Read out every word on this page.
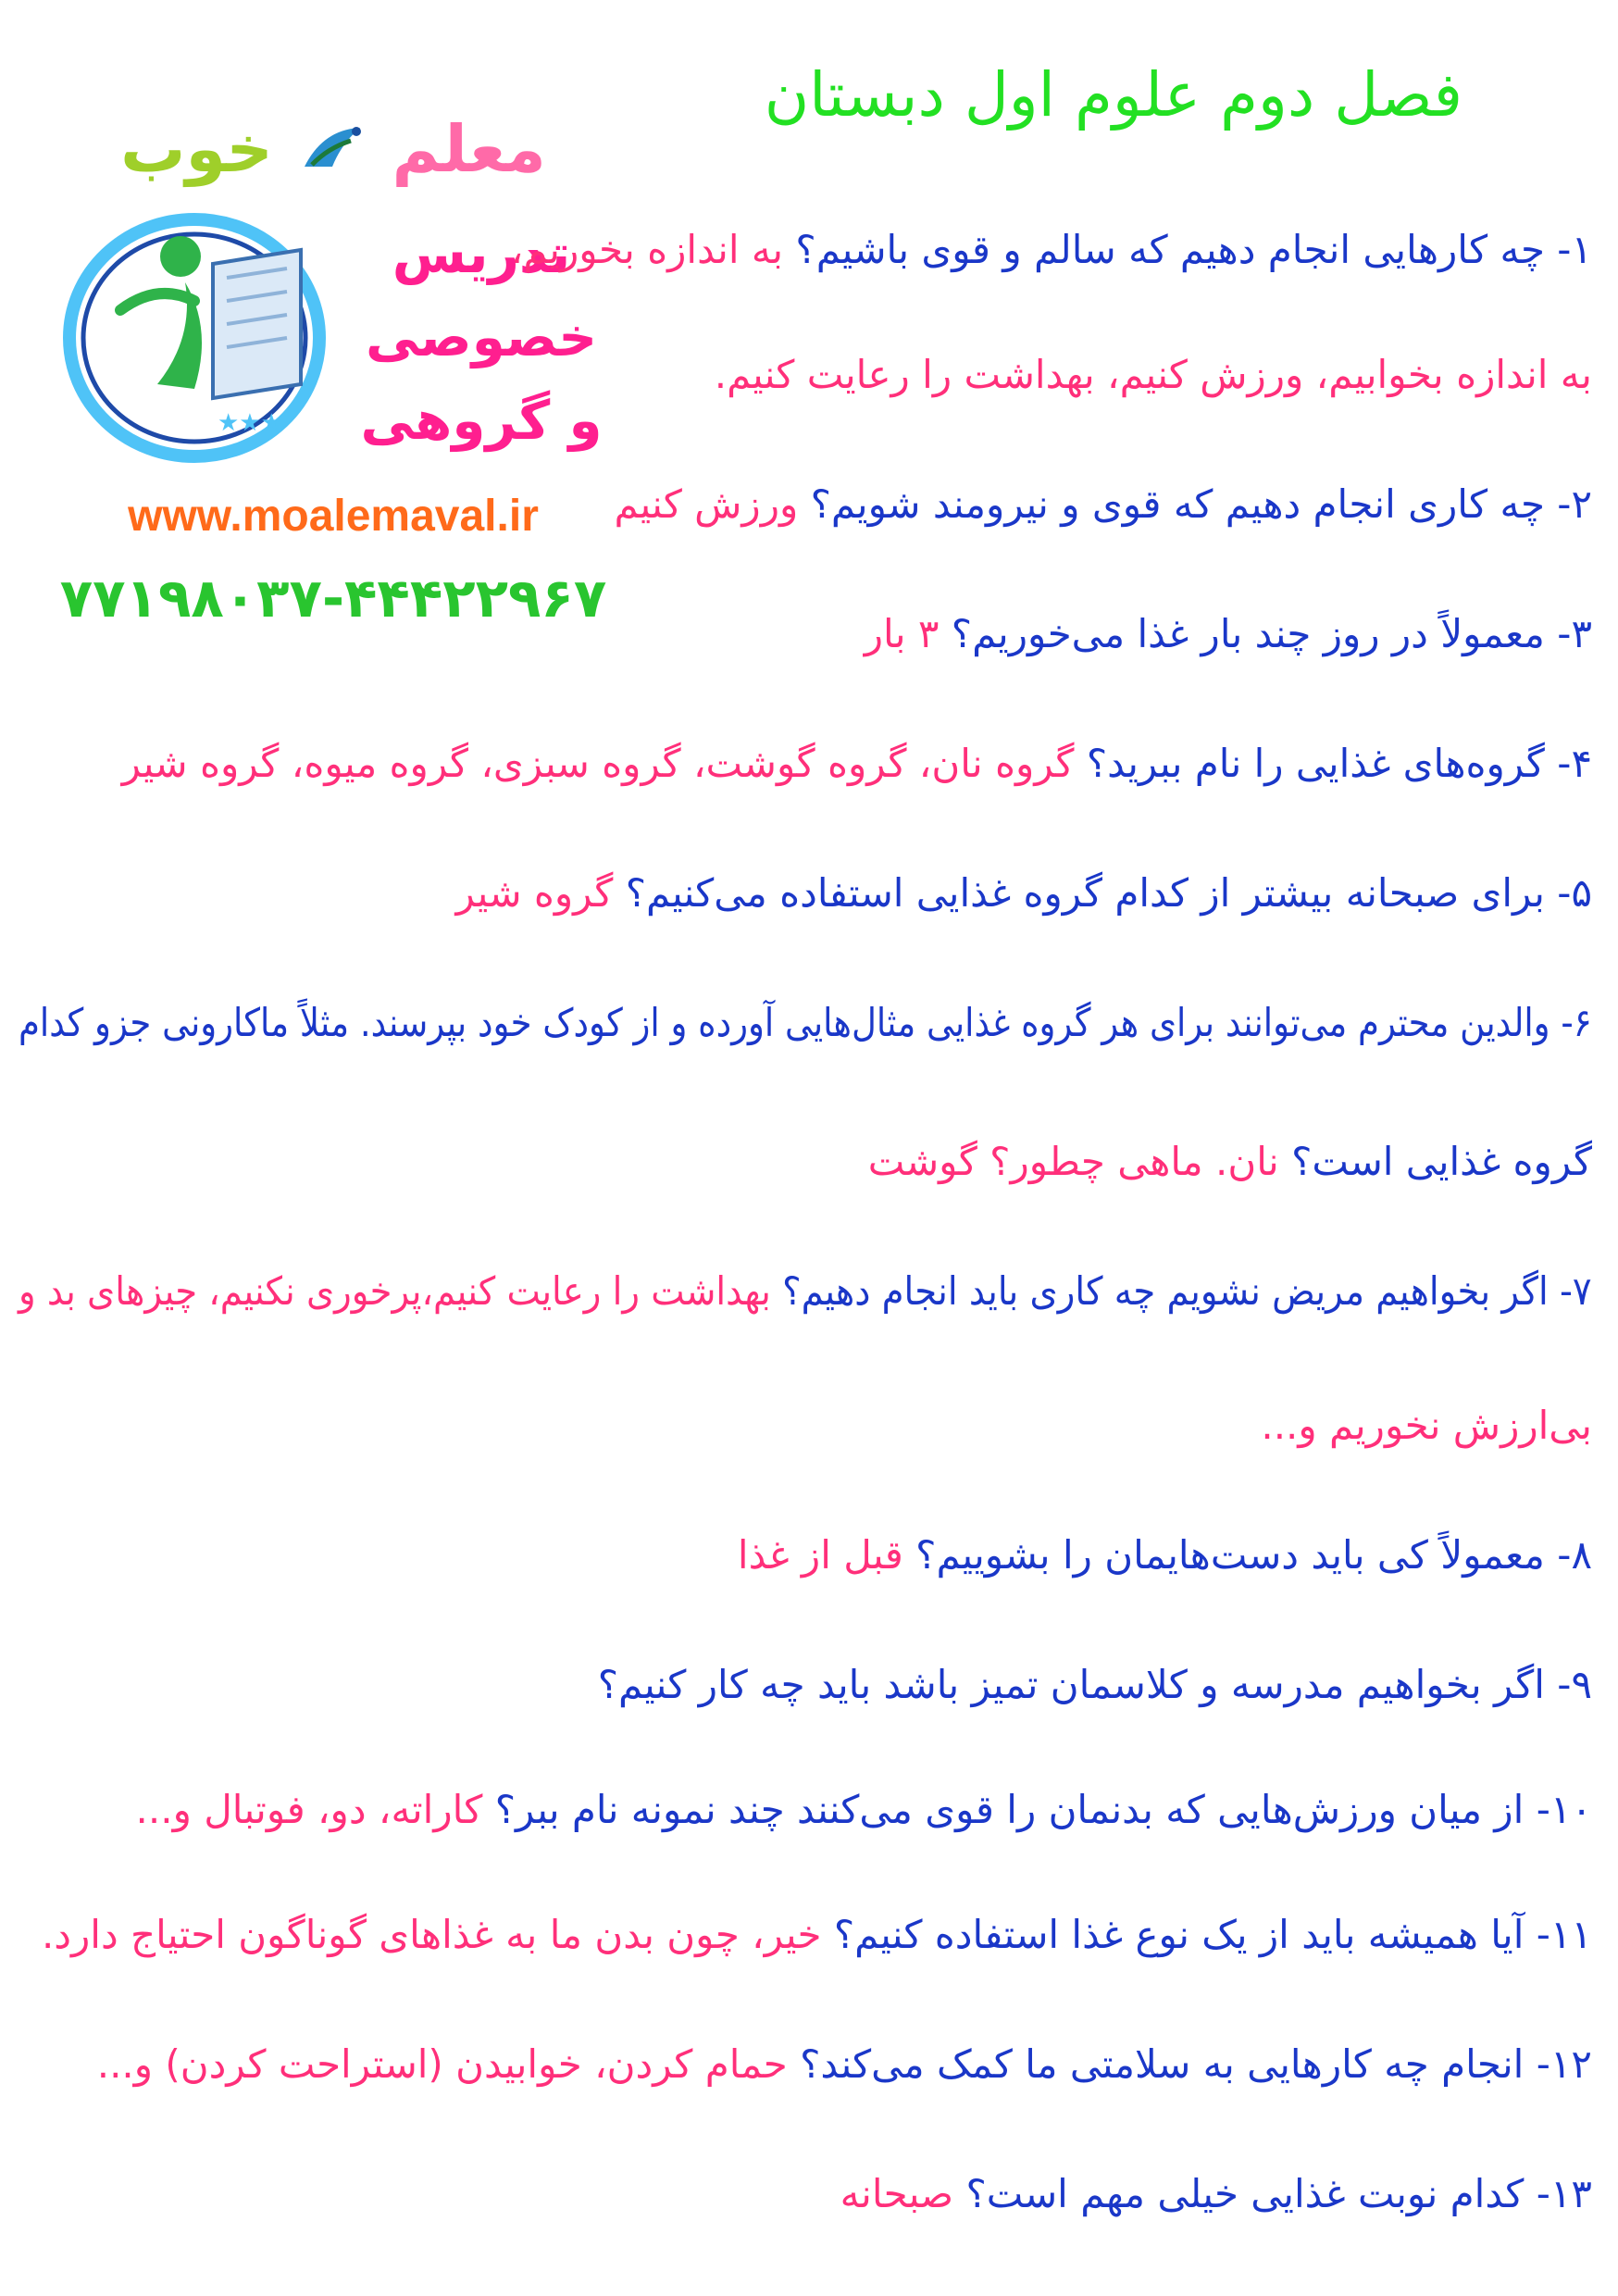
فصل دوم علوم اول دبستان
معلم  خوب
★★★
تدریس
خصوصی
و گروهی
www.moalemaval.ir
۷۷۱۹۸۰۳۷-۴۴۴۲۲۹۶۷
۱- چه کارهایی انجام دهیم که سالم و قوی باشیم؟ به اندازه بخوریم،
به اندازه بخوابیم، ورزش کنیم، بهداشت را رعایت کنیم.
۲- چه کاری انجام دهیم که قوی و نیرومند شویم؟ ورزش کنیم
۳- معمولاً در روز چند بار غذا می‌خوریم؟ ۳ بار
۴- گروه‌های غذایی را نام ببرید؟ گروه نان، گروه گوشت، گروه سبزی، گروه میوه، گروه شیر
۵- برای صبحانه بیشتر از کدام گروه غذایی استفاده می‌کنیم؟ گروه شیر
۶- والدین محترم می‌توانند برای هر گروه غذایی مثال‌هایی آورده و از کودک خود بپرسند. مثلاً ماکارونی جزو کدام
گروه غذایی است؟ نان. ماهی چطور؟ گوشت
۷- اگر بخواهیم مریض نشویم چه کاری باید انجام دهیم؟ بهداشت را رعایت کنیم،پرخوری نکنیم، چیزهای بد و
بی‌ارزش نخوریم و...
۸- معمولاً کی باید دست‌هایمان را بشوییم؟ قبل از غذا
۹- اگر بخواهیم مدرسه و کلاسمان تمیز باشد باید چه کار کنیم؟
۱۰- از میان ورزش‌هایی که بدنمان را قوی می‌کنند چند نمونه نام ببر؟ کاراته، دو، فوتبال و...
۱۱- آیا همیشه باید از یک نوع غذا استفاده کنیم؟ خیر، چون بدن ما به غذاهای گوناگون احتیاج دارد.
۱۲- انجام چه کارهایی به سلامتی ما کمک می‌کند؟ حمام کردن، خوابیدن (استراحت کردن) و...
۱۳- کدام نوبت غذایی خیلی مهم است؟ صبحانه
